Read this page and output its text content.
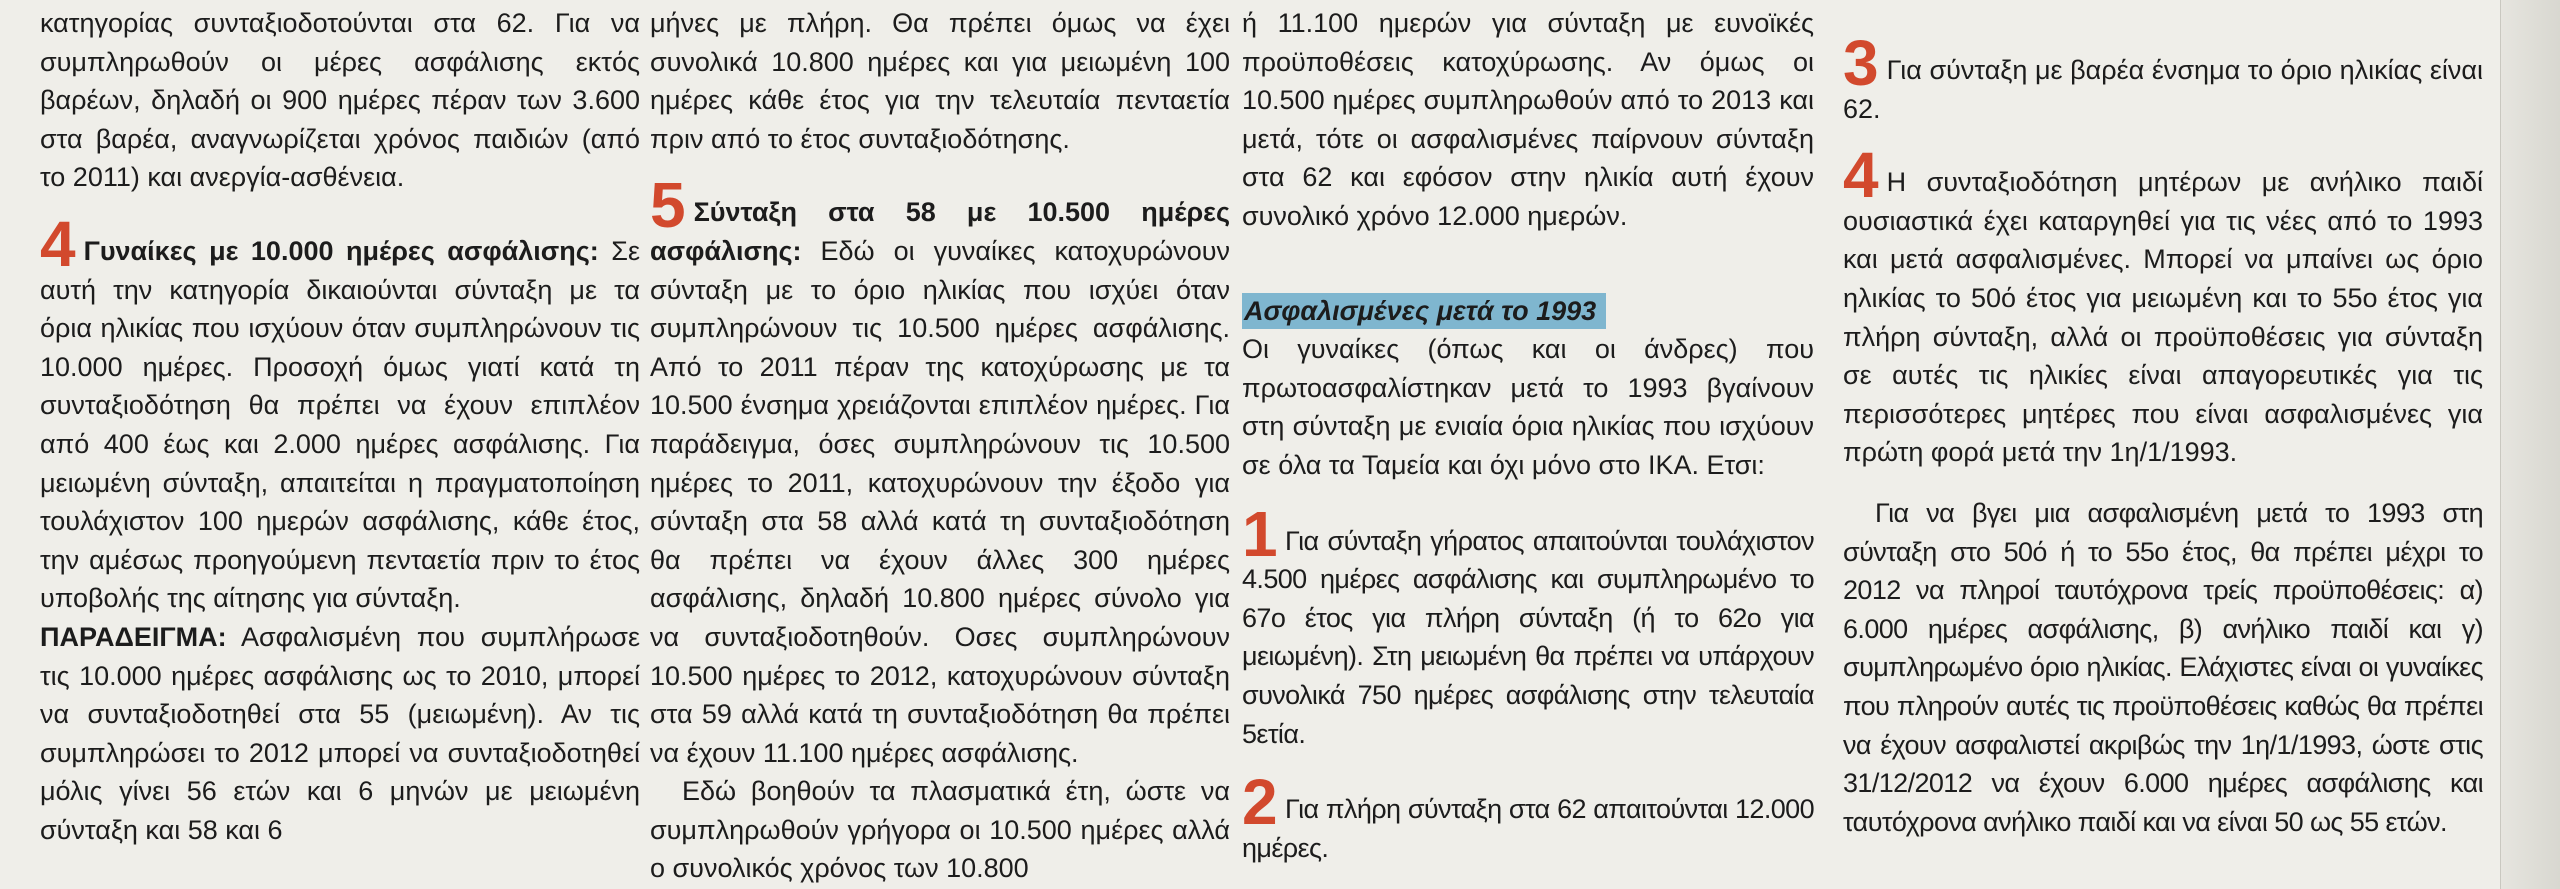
κατηγορίας συνταξιοδοτούνται στα 62. Για να συμπληρωθούν οι μέρες ασφάλισης εκτός βαρέων, δηλαδή οι 900 ημέρες πέραν των 3.600 στα βαρέα, αναγνωρίζεται χρόνος παιδιών (από το 2011) και ανεργία-ασθένεια.

4 Γυναίκες με 10.000 ημέρες ασφάλισης: Σε αυτή την κατηγορία δικαιούνται σύνταξη με τα όρια ηλικίας που ισχύουν όταν συμπληρώνουν τις 10.000 ημέρες. Προσοχή όμως γιατί κατά τη συνταξιοδότηση θα πρέπει να έχουν επιπλέον από 400 έως και 2.000 ημέρες ασφάλισης. Για μειωμένη σύνταξη, απαιτείται η πραγματοποίηση τουλάχιστον 100 ημερών ασφάλισης, κάθε έτος, την αμέσως προηγούμενη πενταετία πριν το έτος υποβολής της αίτησης για σύνταξη.

ΠΑΡΑΔΕΙΓΜΑ: Ασφαλισμένη που συμπλήρωσε τις 10.000 ημέρες ασφάλισης ως το 2010, μπορεί να συνταξιοδοτηθεί στα 55 (μειωμένη). Αν τις συμπληρώσει το 2012 μπορεί να συνταξιοδοτηθεί μόλις γίνει 56 ετών και 6 μηνών με μειωμένη σύνταξη και 58 και 6

μήνες με πλήρη. Θα πρέπει όμως να έχει συνολικά 10.800 ημέρες και για μειωμένη 100 ημέρες κάθε έτος για την τελευταία πενταετία πριν από το έτος συνταξιοδότησης.

5 Σύνταξη στα 58 με 10.500 ημέρες ασφάλισης: Εδώ οι γυναίκες κατοχυρώνουν σύνταξη με το όριο ηλικίας που ισχύει όταν συμπληρώνουν τις 10.500 ημέρες ασφάλισης. Από το 2011 πέραν της κατοχύρωσης με τα 10.500 ένσημα χρειάζονται επιπλέον ημέρες. Για παράδειγμα, όσες συμπληρώνουν τις 10.500 ημέρες το 2011, κατοχυρώνουν την έξοδο για σύνταξη στα 58 αλλά κατά τη συνταξιοδότηση θα πρέπει να έχουν άλλες 300 ημέρες ασφάλισης, δηλαδή 10.800 ημέρες σύνολο για να συνταξιοδοτηθούν. Οσες συμπληρώνουν 10.500 ημέρες το 2012, κατοχυρώνουν σύνταξη στα 59 αλλά κατά τη συνταξιοδότηση θα πρέπει να έχουν 11.100 ημέρες ασφάλισης.

Εδώ βοηθούν τα πλασματικά έτη, ώστε να συμπληρωθούν γρήγορα οι 10.500 ημέρες αλλά ο συνολικός χρόνος των 10.800

ή 11.100 ημερών για σύνταξη με ευνοϊκές προϋποθέσεις κατοχύρωσης. Αν όμως οι 10.500 ημέρες συμπληρωθούν από το 2013 και μετά, τότε οι ασφαλισμένες παίρνουν σύνταξη στα 62 και εφόσον στην ηλικία αυτή έχουν συνολικό χρόνο 12.000 ημερών.

Ασφαλισμένες μετά το 1993

Οι γυναίκες (όπως και οι άνδρες) που πρωτοασφαλίστηκαν μετά το 1993 βγαίνουν στη σύνταξη με ενιαία όρια ηλικίας που ισχύουν σε όλα τα Ταμεία και όχι μόνο στο ΙΚΑ. Ετσι:

1 Για σύνταξη γήρατος απαιτούνται τουλάχιστον 4.500 ημέρες ασφάλισης και συμπληρωμένο το 67ο έτος για πλήρη σύνταξη (ή το 62ο για μειωμένη). Στη μειωμένη θα πρέπει να υπάρχουν συνολικά 750 ημέρες ασφάλισης στην τελευταία 5ετία.

2 Για πλήρη σύνταξη στα 62 απαιτούνται 12.000 ημέρες.

3 Για σύνταξη με βαρέα ένσημα το όριο ηλικίας είναι 62.

4 Η συνταξιοδότηση μητέρων με ανήλικο παιδί ουσιαστικά έχει καταργηθεί για τις νέες από το 1993 και μετά ασφαλισμένες. Μπορεί να μπαίνει ως όριο ηλικίας το 50ό έτος για μειωμένη και το 55ο έτος για πλήρη σύνταξη, αλλά οι προϋποθέσεις για σύνταξη σε αυτές τις ηλικίες είναι απαγορευτικές για τις περισσότερες μητέρες που είναι ασφαλισμένες για πρώτη φορά μετά την 1η/1/1993.

Για να βγει μια ασφαλισμένη μετά το 1993 στη σύνταξη στο 50ό ή το 55ο έτος, θα πρέπει μέχρι το 2012 να πληροί ταυτόχρονα τρείς προϋποθέσεις: α) 6.000 ημέρες ασφάλισης, β) ανήλικο παιδί και γ) συμπληρωμένο όριο ηλικίας. Ελάχιστες είναι οι γυναίκες που πληρούν αυτές τις προϋποθέσεις καθώς θα πρέπει να έχουν ασφαλιστεί ακριβώς την 1η/1/1993, ώστε στις 31/12/2012 να έχουν 6.000 ημέρες ασφάλισης και ταυτόχρονα ανήλικο παιδί και να είναι 50 ως 55 ετών.
